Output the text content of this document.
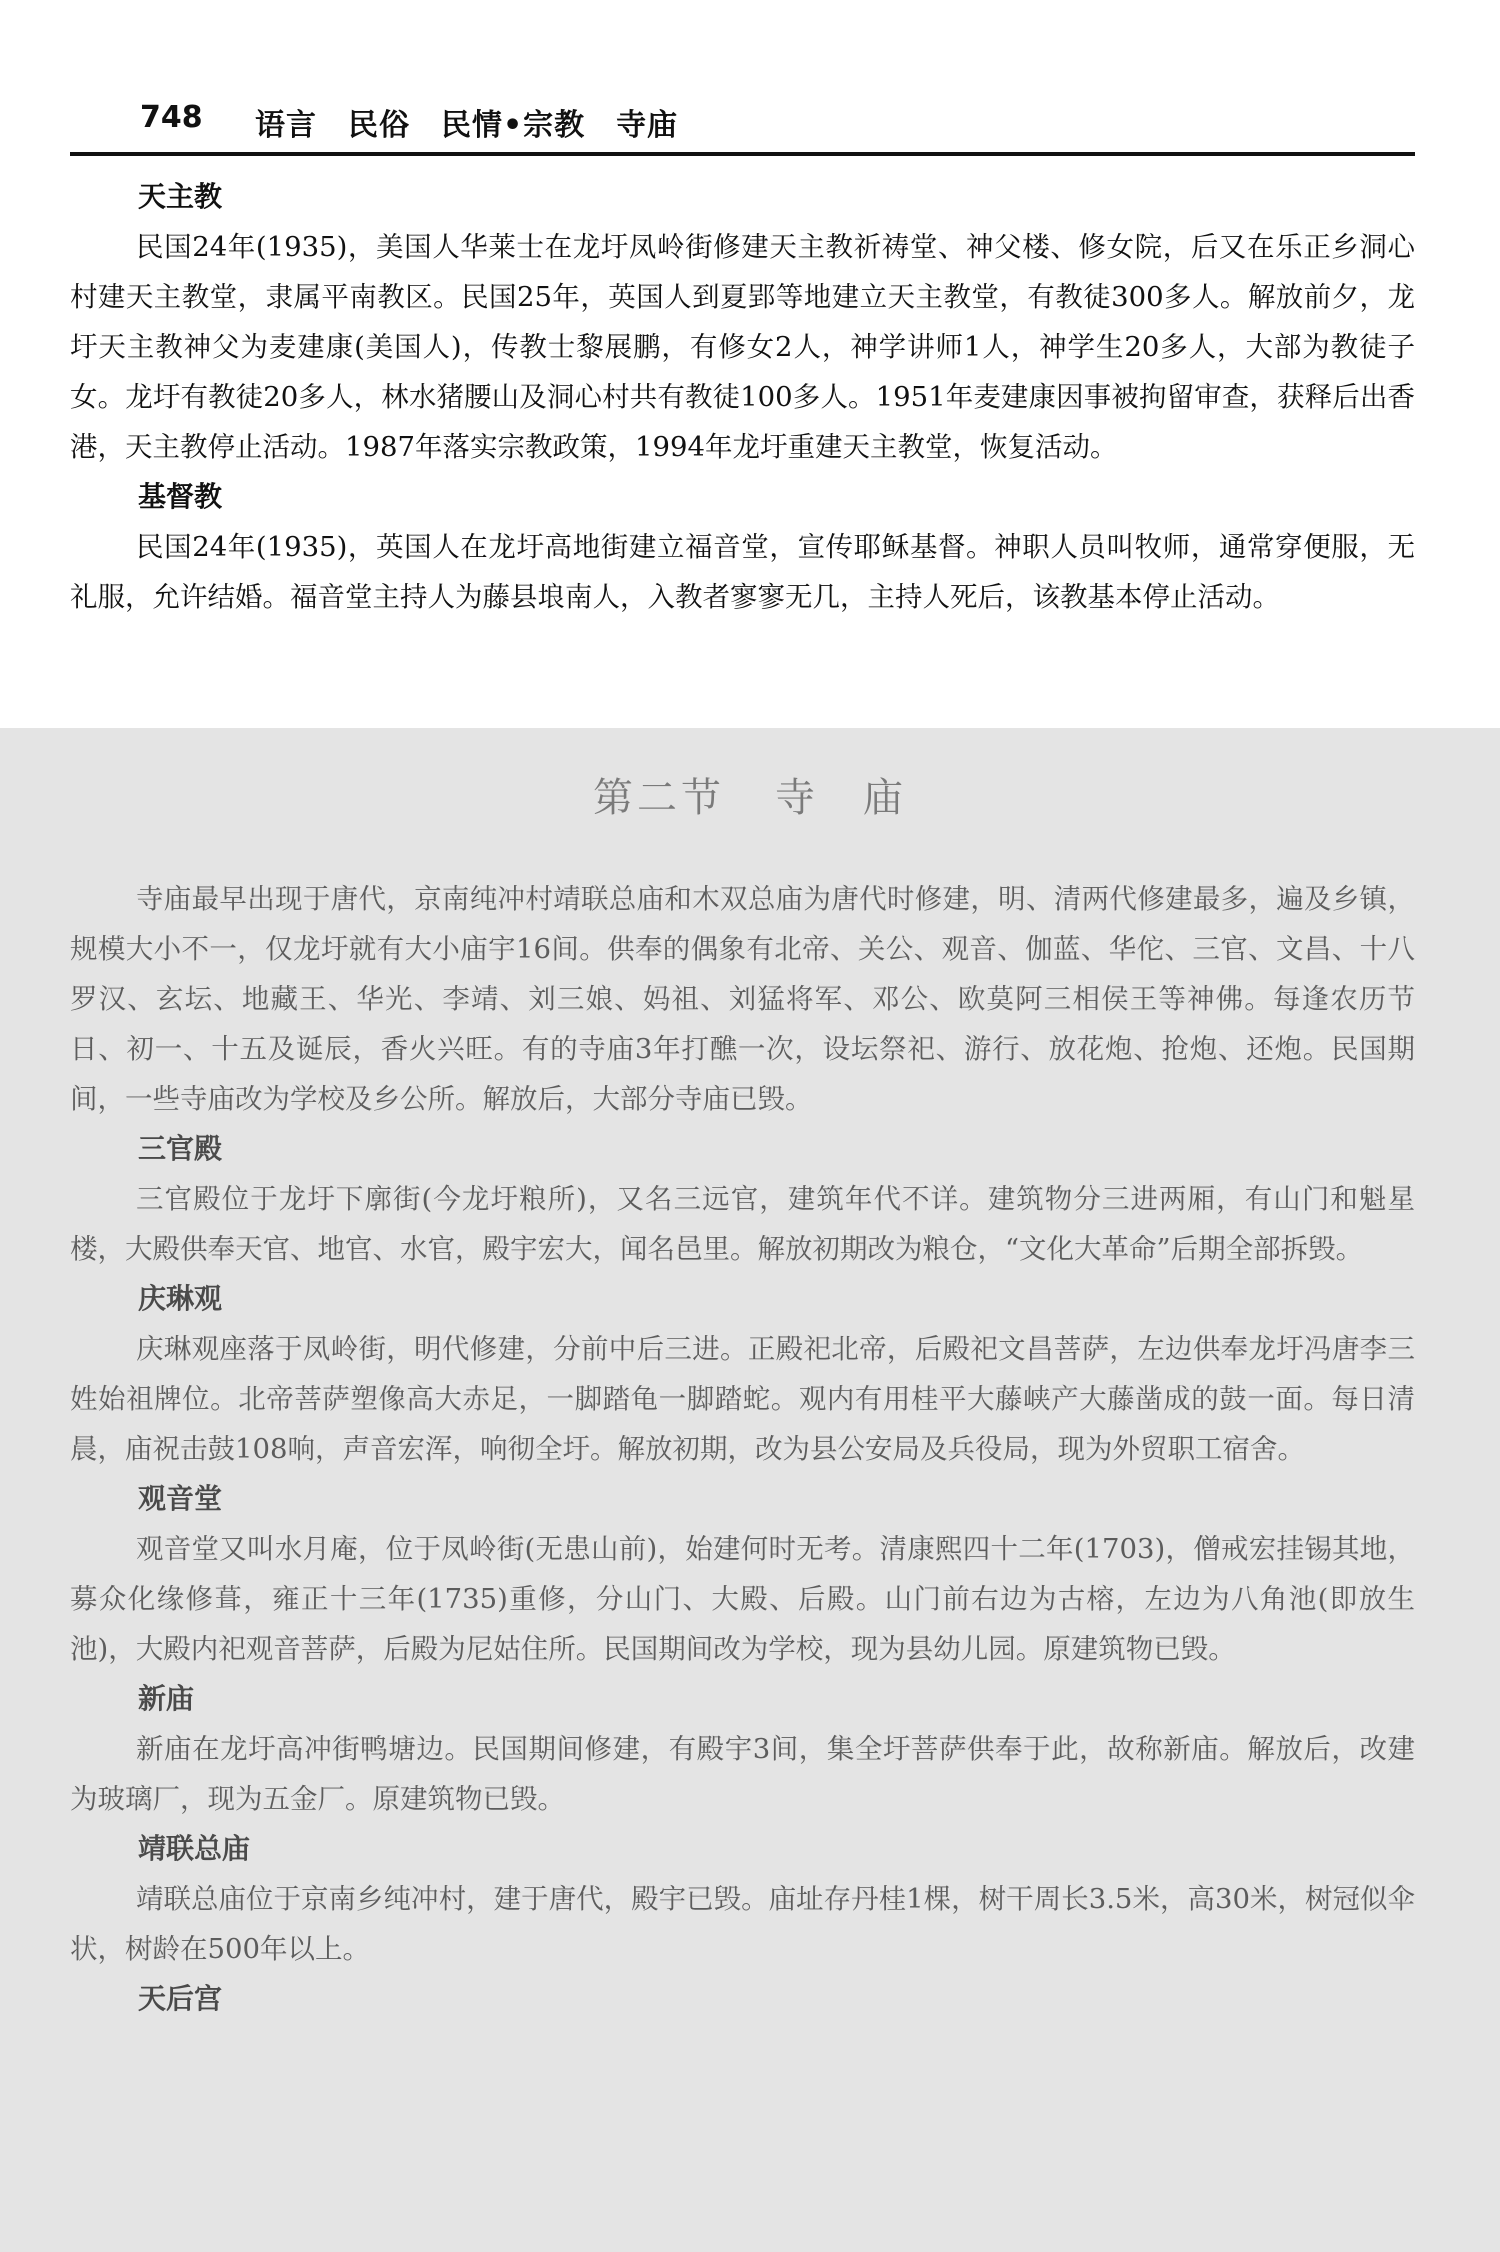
748 语言　民俗　民情•宗教　寺庙
天主教

民国24年(1935)，美国人华莱士在龙圩凤岭街修建天主教祈祷堂、神父楼、修女院，后又在乐正乡洞心村建天主教堂，隶属平南教区。民国25年，英国人到夏郢等地建立天主教堂，有教徒300多人。解放前夕，龙圩天主教神父为麦建康(美国人)，传教士黎展鹏，有修女2人，神学讲师1人，神学生20多人，大部为教徒子女。龙圩有教徒20多人，林水猪腰山及洞心村共有教徒100多人。1951年麦建康因事被拘留审查，获释后出香港，天主教停止活动。1987年落实宗教政策，1994年龙圩重建天主教堂，恢复活动。

基督教

民国24年(1935)，英国人在龙圩高地街建立福音堂，宣传耶稣基督。神职人员叫牧师，通常穿便服，无礼服，允许结婚。福音堂主持人为藤县埌南人，入教者寥寥无几，主持人死后，该教基本停止活动。

第二节 寺　庙

寺庙最早出现于唐代，京南纯冲村靖联总庙和木双总庙为唐代时修建，明、清两代修建最多，遍及乡镇，规模大小不一，仅龙圩就有大小庙宇16间。供奉的偶象有北帝、关公、观音、伽蓝、华佗、三官、文昌、十八罗汉、玄坛、地藏王、华光、李靖、刘三娘、妈祖、刘猛将军、邓公、欧莫阿三相侯王等神佛。每逢农历节日、初一、十五及诞辰，香火兴旺。有的寺庙3年打醮一次，设坛祭祀、游行、放花炮、抢炮、还炮。民国期间，一些寺庙改为学校及乡公所。解放后，大部分寺庙已毁。

三官殿

三官殿位于龙圩下廓街(今龙圩粮所)，又名三远官，建筑年代不详。建筑物分三进两厢，有山门和魁星楼，大殿供奉天官、地官、水官，殿宇宏大，闻名邑里。解放初期改为粮仓，“文化大革命”后期全部拆毁。

庆琳观

庆琳观座落于凤岭街，明代修建，分前中后三进。正殿祀北帝，后殿祀文昌菩萨，左边供奉龙圩冯唐李三姓始祖牌位。北帝菩萨塑像高大赤足，一脚踏龟一脚踏蛇。观内有用桂平大藤峡产大藤凿成的鼓一面。每日清晨，庙祝击鼓108响，声音宏浑，响彻全圩。解放初期，改为县公安局及兵役局，现为外贸职工宿舍。

观音堂

观音堂又叫水月庵，位于凤岭街(无患山前)，始建何时无考。清康熙四十二年(1703)，僧戒宏挂锡其地，募众化缘修葺，雍正十三年(1735)重修，分山门、大殿、后殿。山门前右边为古榕，左边为八角池(即放生池)，大殿内祀观音菩萨，后殿为尼姑住所。民国期间改为学校，现为县幼儿园。原建筑物已毁。

新庙

新庙在龙圩高冲街鸭塘边。民国期间修建，有殿宇3间，集全圩菩萨供奉于此，故称新庙。解放后，改建为玻璃厂，现为五金厂。原建筑物已毁。

靖联总庙

靖联总庙位于京南乡纯冲村，建于唐代，殿宇已毁。庙址存丹桂1棵，树干周长3.5米，高30米，树冠似伞状，树龄在500年以上。

天后宫
